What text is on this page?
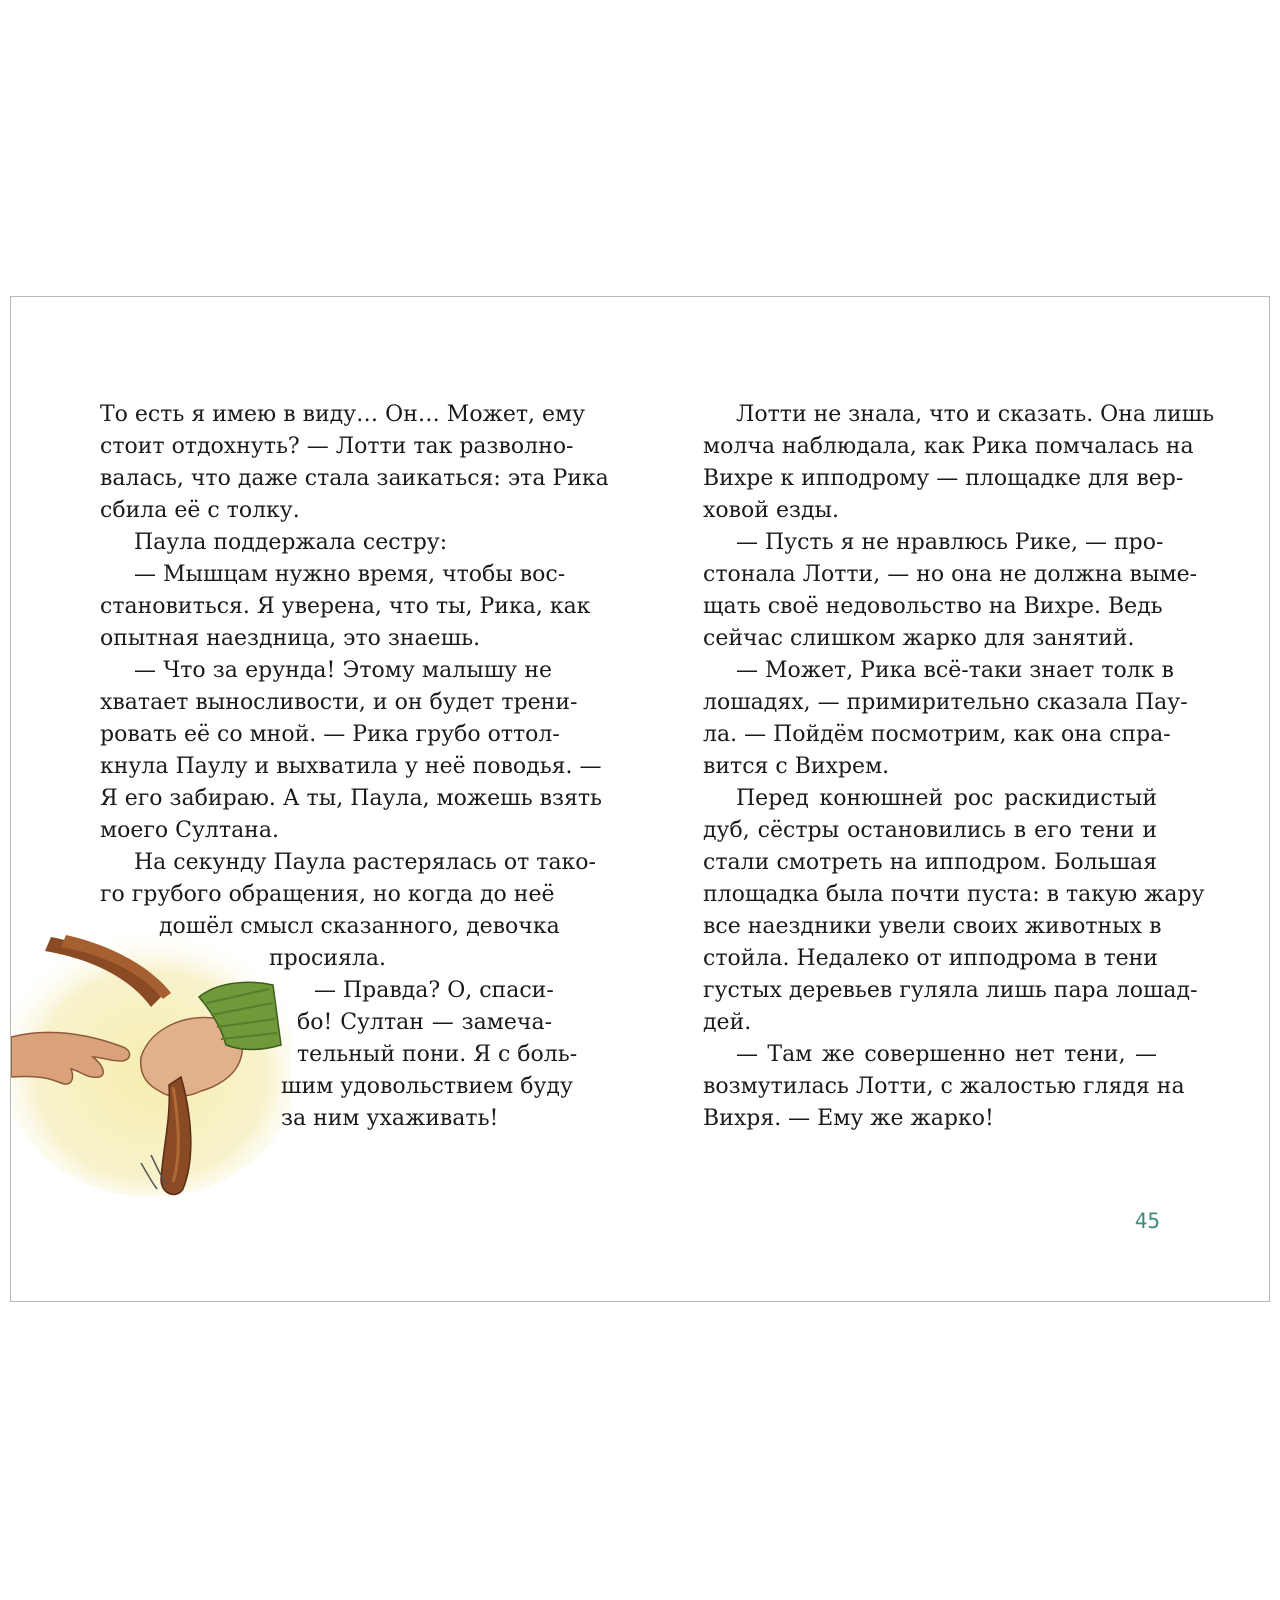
То есть я имею в виду… Он… Может, ему
стоит отдохнуть? — Лотти так разволно-
валась, что даже стала заикаться: эта Рика
сбила её с толку.
Паула поддержала сестру:
— Мышцам нужно время, чтобы вос-
становиться. Я уверена, что ты, Рика, как
опытная наездница, это знаешь.
— Что за ерунда! Этому малышу не
хватает выносливости, и он будет трени-
ровать её со мной. — Рика грубо оттол-
кнула Паулу и выхватила у неё поводья. —
Я его забираю. А ты, Паула, можешь взять
моего Султана.
На секунду Паула растерялась от тако-
го грубого обращения, но когда до неё
дошёл смысл сказанного, девочка
просияла.
— Правда? О, спаси-
бо! Султан — замеча-
тельный пони. Я с боль-
шим удовольствием буду
за ним ухаживать!
Лотти не знала, что и сказать. Она лишь
молча наблюдала, как Рика помчалась на
Вихре к ипподрому — площадке для вер-
ховой езды.
— Пусть я не нравлюсь Рике, — про-
стонала Лотти, — но она не должна выме-
щать своё недовольство на Вихре. Ведь
сейчас слишком жарко для занятий.
— Может, Рика всё-таки знает толк в
лошадях, — примирительно сказала Пау-
ла. — Пойдём посмотрим, как она спра-
вится с Вихрем.
Перед конюшней рос раскидистый
дуб, сёстры остановились в его тени и
стали смотреть на ипподром. Большая
площадка была почти пуста: в такую жару
все наездники увели своих животных в
стойла. Недалеко от ипподрома в тени
густых деревьев гуляла лишь пара лошад-
дей.
— Там же совершенно нет тени, —
возмутилась Лотти, с жалостью глядя на
Вихря. — Ему же жарко!
45
